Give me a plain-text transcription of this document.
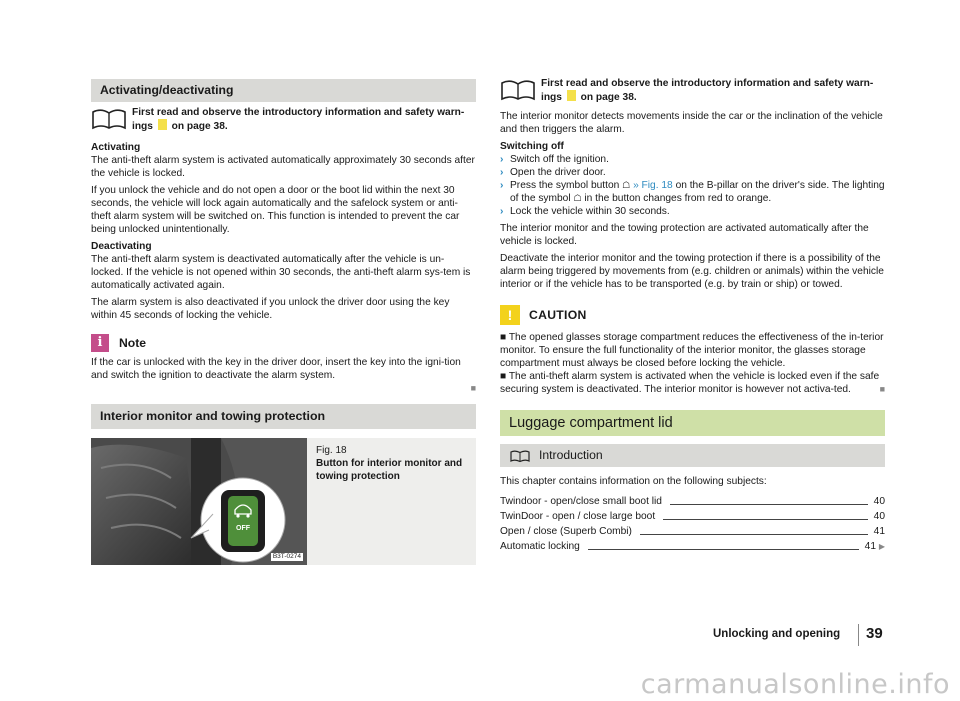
Activating/deactivating
First read and observe the introductory information and safety warn-
ings on page 38.

Activating

The anti-theft alarm system is activated automatically approximately 30 seconds after the vehicle is locked.

If you unlock the vehicle and do not open a door or the boot lid within the next 30 seconds, the vehicle will lock again automatically and the safelock system or anti-theft alarm system will be switched on. This function is intended to prevent the car being unlocked unintentionally.

Deactivating

The anti-theft alarm system is deactivated automatically after the vehicle is un-locked. If the vehicle is not opened within 30 seconds, the anti-theft alarm sys-tem is automatically activated again.

The alarm system is also deactivated if you unlock the driver door using the key within 45 seconds of locking the vehicle.

i	Note

If the car is unlocked with the key in the driver door, insert the key into the igni-tion and switch the ignition to deactivate the alarm system.

■
Interior monitor and towing protection
OFF
B3T-0274
Fig. 18
Button for interior monitor and towing protection
First read and observe the introductory information and safety warn-
ings on page 38.

The interior monitor detects movements inside the car or the inclination of the vehicle and then triggers the alarm.

Switching off

› Switch off the ignition.
› Open the driver door.
› Press the symbol button ☖ » Fig. 18 on the B-pillar on the driver's side. The lighting of the symbol ☖ in the button changes from red to orange.
› Lock the vehicle within 30 seconds.

The interior monitor and the towing protection are activated automatically after the vehicle is locked.

Deactivate the interior monitor and the towing protection if there is a possibility of the alarm being triggered by movements from (e.g. children or animals) within the vehicle interior or if the vehicle has to be transported (e.g. by train or ship) or towed.

!	CAUTION

■ The opened glasses storage compartment reduces the effectiveness of the in-terior monitor. To ensure the full functionality of the interior monitor, the glasses storage compartment must always be closed before locking the vehicle.

■ The anti-theft alarm system is activated when the vehicle is locked even if the safe securing system is deactivated. The interior monitor is however not activa-ted.	■

Luggage compartment lid
Introduction

This chapter contains information on the following subjects:

Twindoor - open/close small boot lid	40
TwinDoor - open / close large boot	40
Open / close (Superb Combi)	41
Automatic locking	41 ▶
Unlocking and opening	39
carmanualsonline.info
